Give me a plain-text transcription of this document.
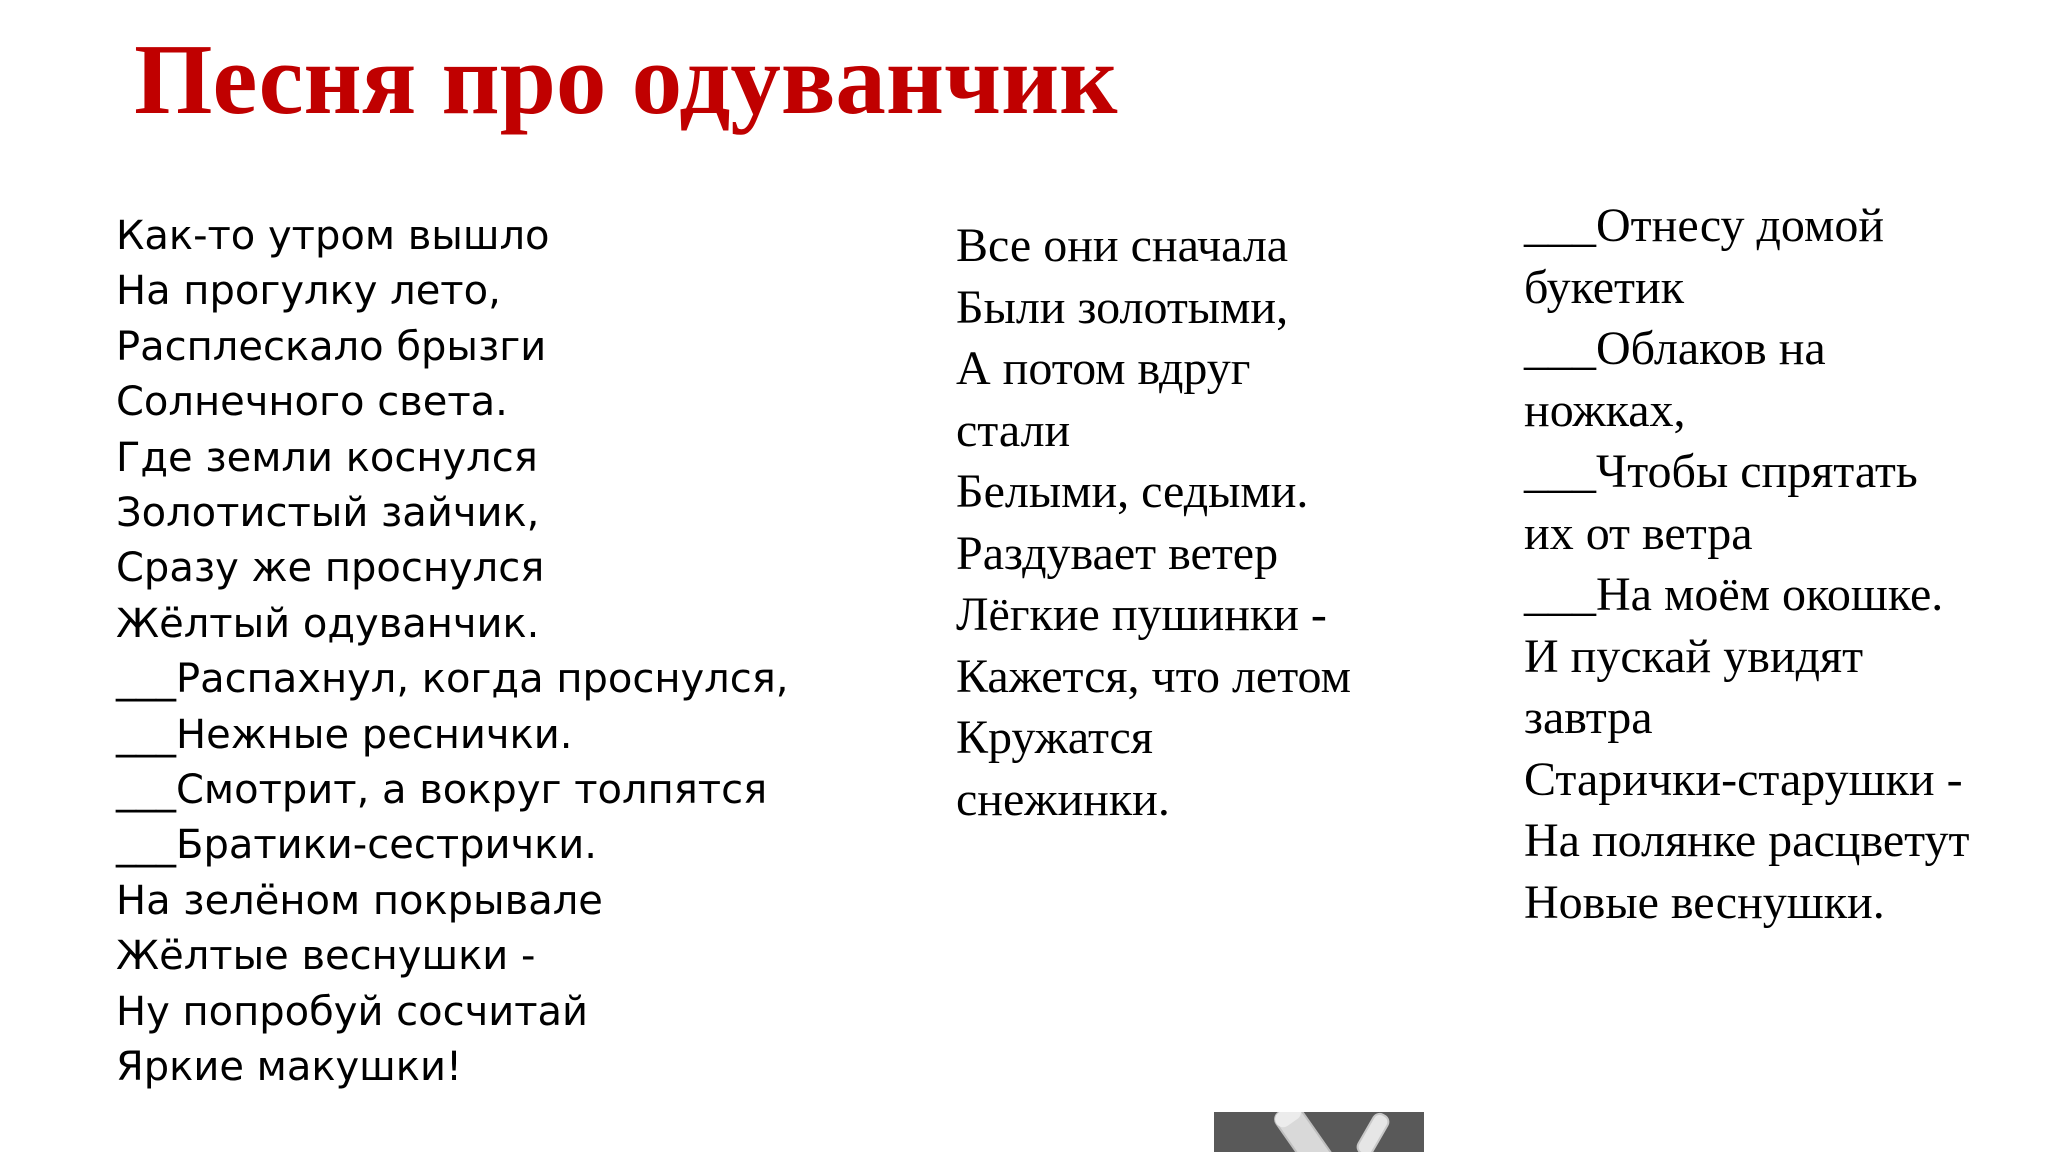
Песня про одуванчик
Как-то утром вышло
На прогулку лето,
Расплескало брызги
Солнечного света.
Где земли коснулся
Золотистый зайчик,
Сразу же проснулся
Жёлтый одуванчик.
___Распахнул, когда проснулся,
___Нежные реснички.
___Смотрит, а вокруг толпятся
___Братики-сестрички.
На зелёном покрывале
Жёлтые веснушки -
Ну попробуй сосчитай
Яркие макушки!
Все они сначала
Были золотыми,
А потом вдруг
стали
Белыми, седыми.
Раздувает ветер
Лёгкие пушинки -
Кажется, что летом
Кружатся
снежинки.
___Отнесу домой
букетик
___Облаков на
ножках,
___Чтобы спрятать
их от ветра
___На моём окошке.
И пускай увидят
завтра
Старички-старушки -
На полянке расцветут
Новые веснушки.
